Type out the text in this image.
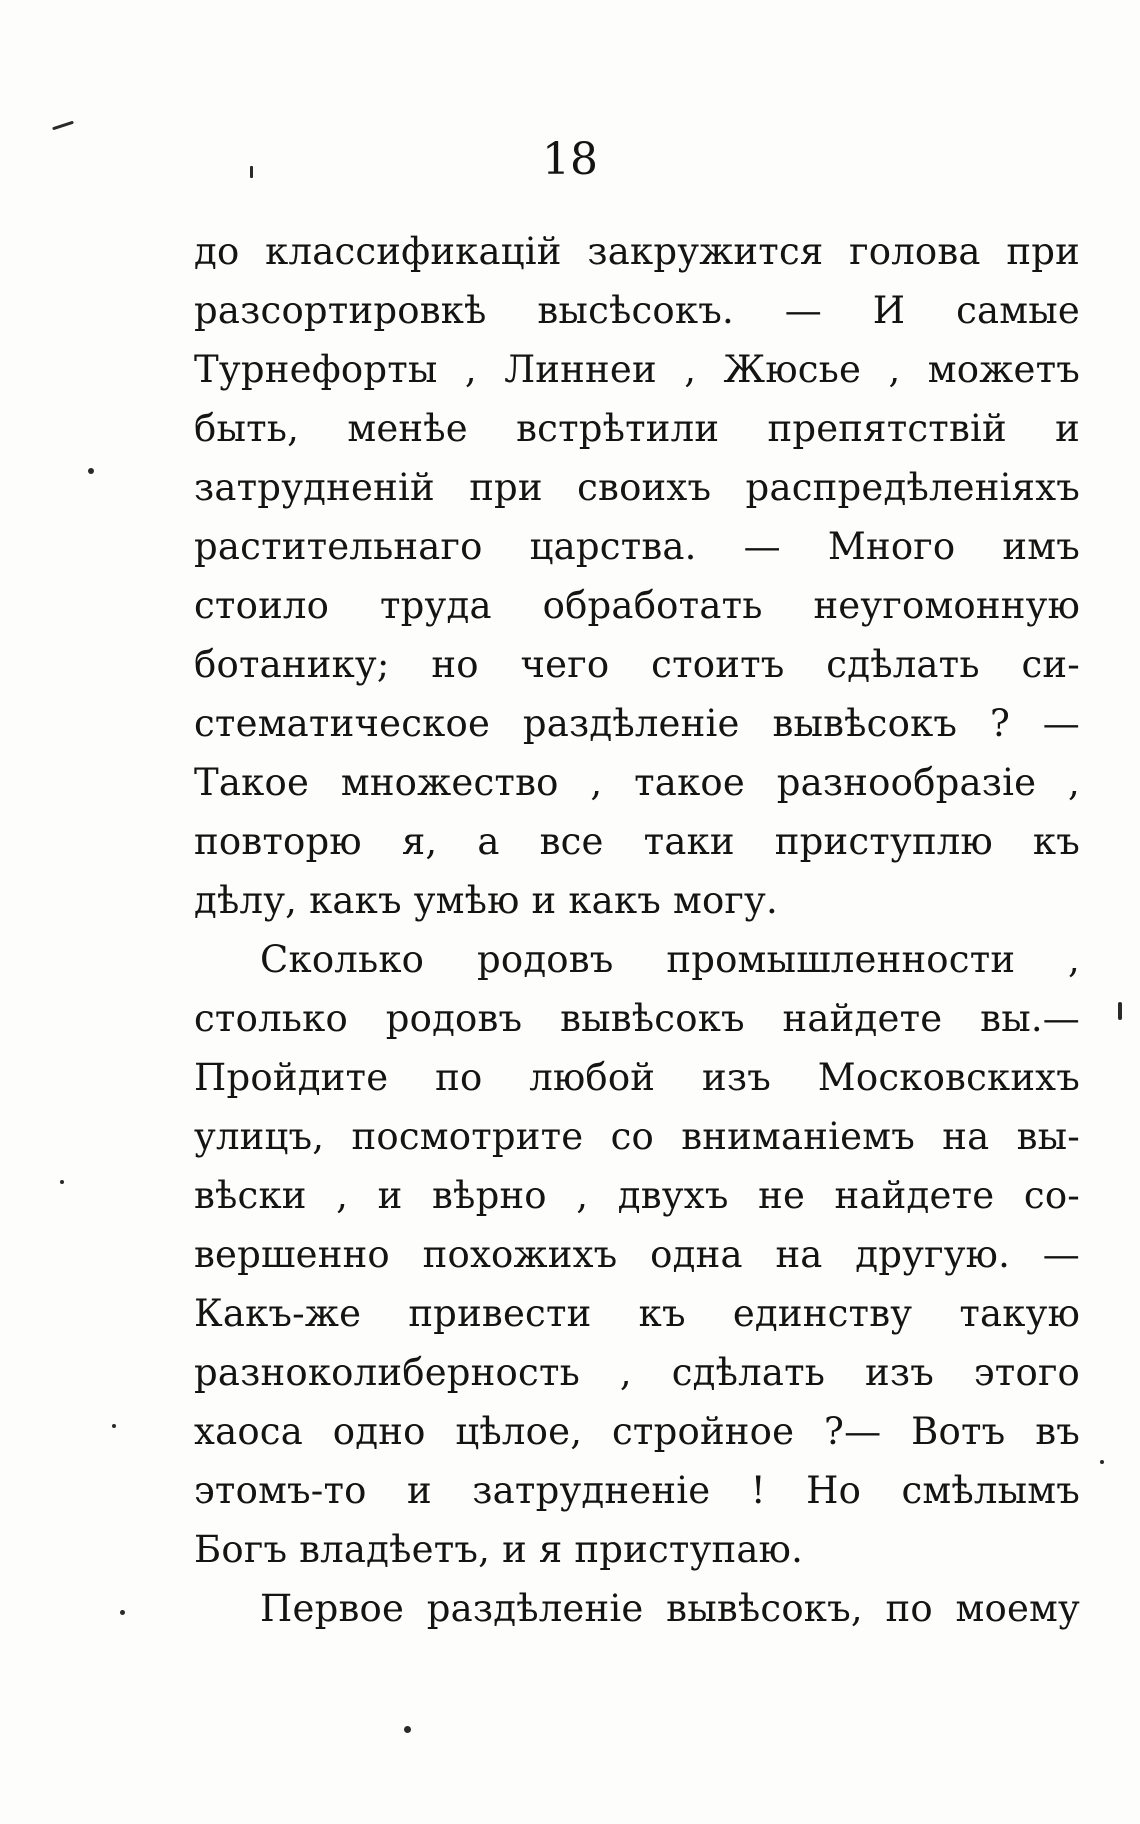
18
до классификацій закружится голова при
разсортировкѣ высѣсокъ. — И самые
Турнефорты , Линнеи , Жюсье , можетъ
быть, менѣе встрѣтили препятствій и
затрудненій при своихъ распредѣленіяхъ
растительнаго царства. — Много имъ
стоило труда обработать неугомонную
ботанику; но чего стоитъ сдѣлать си-
стематическое раздѣленіе вывѣсокъ ? —
Такое множество , такое разнообразіе ,
повторю я, а все таки приступлю къ
дѣлу, какъ умѣю и какъ могу.
Сколько родовъ промышленности ,
столько родовъ вывѣсокъ найдете вы.—
Пройдите по любой изъ Московскихъ
улицъ, посмотрите со вниманіемъ на вы-
вѣски , и вѣрно , двухъ не найдете со-
вершенно похожихъ одна на другую. —
Какъ-же привести къ единству такую
разноколиберность , сдѣлать изъ этого
хаоса одно цѣлое, стройное ?— Вотъ въ
этомъ-то и затрудненіе ! Но смѣлымъ
Богъ владѣетъ, и я приступаю.
Первое раздѣленіе вывѣсокъ, по моему
